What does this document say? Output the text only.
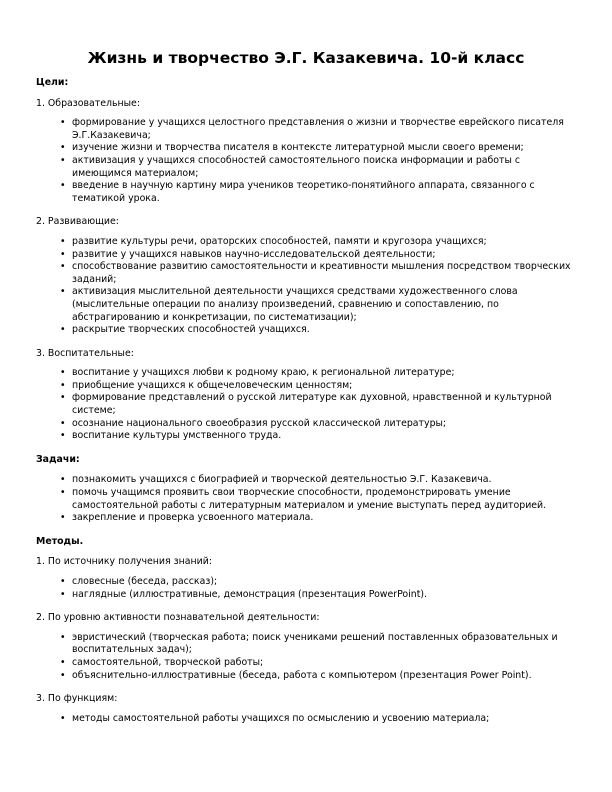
Жизнь и творчество Э.Г. Казакевича. 10-й класс
Цели:
1. Образовательные:
• формирование у учащихся целостного представления о жизни и творчестве еврейского писателя Э.Г.Казакевича;
• изучение жизни и творчества писателя в контексте литературной мысли своего времени;
• активизация у учащихся способностей самостоятельного поиска информации и работы с имеющимся материалом;
• введение в научную картину мира учеников теоретико-понятийного аппарата, связанного с тематикой урока.
2. Развивающие:
• развитие культуры речи, ораторских способностей, памяти и кругозора учащихся;
• развитие у учащихся навыков научно-исследовательской деятельности;
• способствование развитию самостоятельности и креативности мышления посредством творческих заданий;
• активизация мыслительной деятельности учащихся средствами художественного слова (мыслительные операции по анализу произведений, сравнению и сопоставлению, по абстрагированию и конкретизации, по систематизации);
• раскрытие творческих способностей учащихся.
3. Воспитательные:
• воспитание у учащихся любви к родному краю, к региональной литературе;
• приобщение учащихся к общечеловеческим ценностям;
• формирование представлений о русской литературе как духовной, нравственной и культурной системе;
• осознание национального своеобразия русской классической литературы;
• воспитание культуры умственного труда.
Задачи:
• познакомить учащихся с биографией и творческой деятельностью Э.Г. Казакевича.
• помочь учащимся проявить свои творческие способности, продемонстрировать умение самостоятельной работы с литературным материалом и умение выступать перед аудиторией.
• закрепление и проверка усвоенного материала.
Методы.
1. По источнику получения знаний:
• словесные (беседа, рассказ);
• наглядные (иллюстративные, демонстрация (презентация PowerPoint).
2. По уровню активности познавательной деятельности:
• эвристический (творческая работа; поиск учениками решений поставленных образовательных и воспитательных задач);
• самостоятельной, творческой работы;
• объяснительно-иллюстративные (беседа, работа с компьютером (презентация Power Point).
3. По функциям:
• методы самостоятельной работы учащихся по осмыслению и усвоению материала;
